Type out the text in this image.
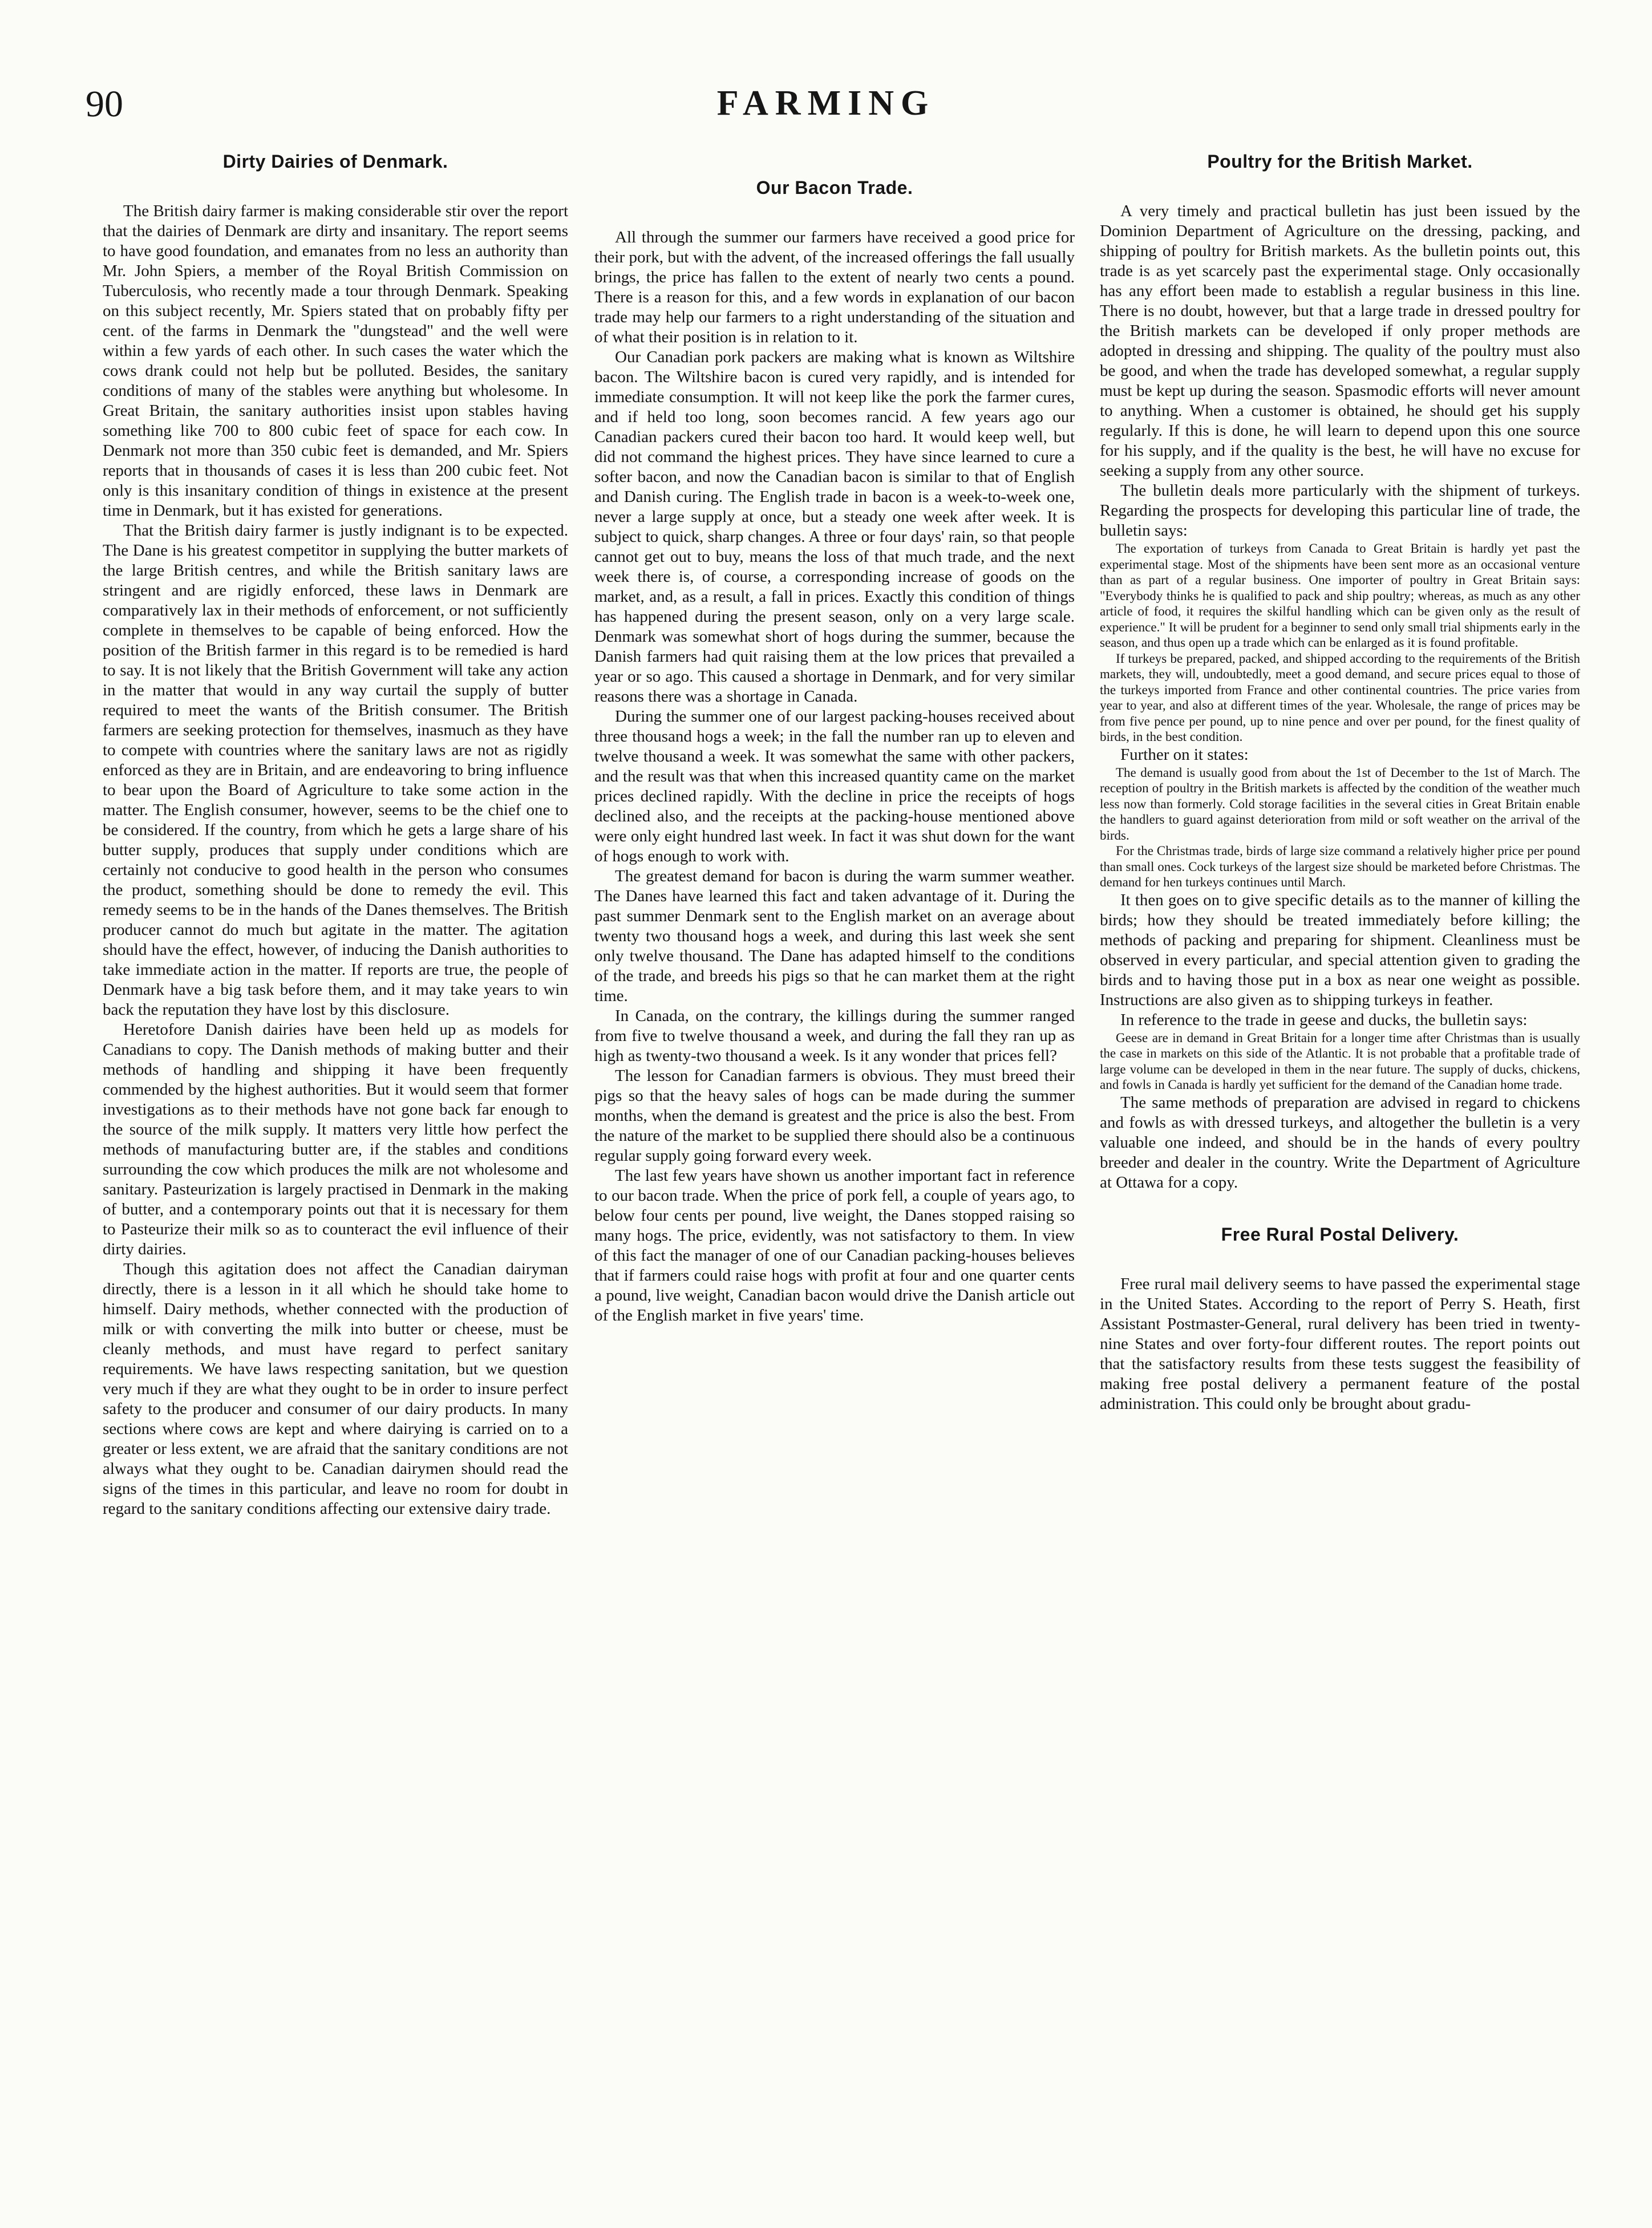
90	FARMING
Dirty Dairies of Denmark.

The British dairy farmer is making considerable stir over the report that the dairies of Denmark are dirty and insanitary. The report seems to have good foundation, and emanates from no less an authority than Mr. John Spiers, a member of the Royal British Commission on Tuberculosis, who recently made a tour through Denmark. Speaking on this subject recently, Mr. Spiers stated that on probably fifty per cent. of the farms in Denmark the "dungstead" and the well were within a few yards of each other. In such cases the water which the cows drank could not help but be polluted. Besides, the sanitary conditions of many of the stables were anything but wholesome. In Great Britain, the sanitary authorities insist upon stables having something like 700 to 800 cubic feet of space for each cow. In Denmark not more than 350 cubic feet is demanded, and Mr. Spiers reports that in thousands of cases it is less than 200 cubic feet. Not only is this insanitary condition of things in existence at the present time in Denmark, but it has existed for generations.

That the British dairy farmer is justly indignant is to be expected. The Dane is his greatest competitor in supplying the butter markets of the large British centres, and while the British sanitary laws are stringent and are rigidly enforced, these laws in Denmark are comparatively lax in their methods of enforcement, or not sufficiently complete in themselves to be capable of being enforced. How the position of the British farmer in this regard is to be remedied is hard to say. It is not likely that the British Government will take any action in the matter that would in any way curtail the supply of butter required to meet the wants of the British consumer. The British farmers are seeking protection for themselves, inasmuch as they have to compete with countries where the sanitary laws are not as rigidly enforced as they are in Britain, and are endeavoring to bring influence to bear upon the Board of Agriculture to take some action in the matter. The English consumer, however, seems to be the chief one to be considered. If the country, from which he gets a large share of his butter supply, produces that supply under conditions which are certainly not conducive to good health in the person who consumes the product, something should be done to remedy the evil. This remedy seems to be in the hands of the Danes themselves. The British producer cannot do much but agitate in the matter. The agitation should have the effect, however, of inducing the Danish authorities to take immediate action in the matter. If reports are true, the people of Denmark have a big task before them, and it may take years to win back the reputation they have lost by this disclosure.

Heretofore Danish dairies have been held up as models for Canadians to copy. The Danish methods of making butter and their methods of handling and shipping it have been frequently commended by the highest authorities. But it would seem that former investigations as to their methods have not gone back far enough to the source of the milk supply. It matters very little how perfect the methods of manufacturing butter are, if the stables and conditions surrounding the cow which produces the milk are not wholesome and sanitary. Pasteurization is largely practised in Denmark in the making of butter, and a contemporary points out that it is necessary for them to Pasteurize their milk so as to counteract the evil influence of their dirty dairies.

Though this agitation does not affect the Canadian dairyman directly, there is a lesson in it all which he should take home to himself. Dairy methods, whether connected with the production of milk or with converting the milk into butter or cheese, must be cleanly methods, and must have regard to perfect sanitary requirements. We have laws respecting sanitation, but we question very much if they are what they ought to be in order to insure perfect safety to the producer and consumer of our dairy products. In many sections where cows are kept and where dairying is carried on to a greater or less extent, we are afraid that the sanitary conditions are not always what they ought to be. Canadian dairymen should read the signs of the times in this particular, and leave no room for doubt in regard to the sanitary conditions affecting our extensive dairy trade.

Our Bacon Trade.

All through the summer our farmers have received a good price for their pork, but with the advent, of the increased offerings the fall usually brings, the price has fallen to the extent of nearly two cents a pound. There is a reason for this, and a few words in explanation of our bacon trade may help our farmers to a right understanding of the situation and of what their position is in relation to it.

Our Canadian pork packers are making what is known as Wiltshire bacon. The Wiltshire bacon is cured very rapidly, and is intended for immediate consumption. It will not keep like the pork the farmer cures, and if held too long, soon becomes rancid. A few years ago our Canadian packers cured their bacon too hard. It would keep well, but did not command the highest prices. They have since learned to cure a softer bacon, and now the Canadian bacon is similar to that of English and Danish curing. The English trade in bacon is a week-to-week one, never a large supply at once, but a steady one week after week. It is subject to quick, sharp changes. A three or four days' rain, so that people cannot get out to buy, means the loss of that much trade, and the next week there is, of course, a corresponding increase of goods on the market, and, as a result, a fall in prices. Exactly this condition of things has happened during the present season, only on a very large scale. Denmark was somewhat short of hogs during the summer, because the Danish farmers had quit raising them at the low prices that prevailed a year or so ago. This caused a shortage in Denmark, and for very similar reasons there was a shortage in Canada.

During the summer one of our largest packing-houses received about three thousand hogs a week; in the fall the number ran up to eleven and twelve thousand a week. It was somewhat the same with other packers, and the result was that when this increased quantity came on the market prices declined rapidly. With the decline in price the receipts of hogs declined also, and the receipts at the packing-house mentioned above were only eight hundred last week. In fact it was shut down for the want of hogs enough to work with.

The greatest demand for bacon is during the warm summer weather. The Danes have learned this fact and taken advantage of it. During the past summer Denmark sent to the English market on an average about twenty two thousand hogs a week, and during this last week she sent only twelve thousand. The Dane has adapted himself to the conditions of the trade, and breeds his pigs so that he can market them at the right time.

In Canada, on the contrary, the killings during the summer ranged from five to twelve thousand a week, and during the fall they ran up as high as twenty-two thousand a week. Is it any wonder that prices fell?

The lesson for Canadian farmers is obvious. They must breed their pigs so that the heavy sales of hogs can be made during the summer months, when the demand is greatest and the price is also the best. From the nature of the market to be supplied there should also be a continuous regular supply going forward every week.

The last few years have shown us another important fact in reference to our bacon trade. When the price of pork fell, a couple of years ago, to below four cents per pound, live weight, the Danes stopped raising so many hogs. The price, evidently, was not satisfactory to them. In view of this fact the manager of one of our Canadian packing-houses believes that if farmers could raise hogs with profit at four and one quarter cents a pound, live weight, Canadian bacon would drive the Danish article out of the English market in five years' time.

Poultry for the British Market.

A very timely and practical bulletin has just been issued by the Dominion Department of Agriculture on the dressing, packing, and shipping of poultry for British markets. As the bulletin points out, this trade is as yet scarcely past the experimental stage. Only occasionally has any effort been made to establish a regular business in this line. There is no doubt, however, but that a large trade in dressed poultry for the British markets can be developed if only proper methods are adopted in dressing and shipping. The quality of the poultry must also be good, and when the trade has developed somewhat, a regular supply must be kept up during the season. Spasmodic efforts will never amount to anything. When a customer is obtained, he should get his supply regularly. If this is done, he will learn to depend upon this one source for his supply, and if the quality is the best, he will have no excuse for seeking a supply from any other source.

The bulletin deals more particularly with the shipment of turkeys. Regarding the prospects for developing this particular line of trade, the bulletin says:

The exportation of turkeys from Canada to Great Britain is hardly yet past the experimental stage. Most of the shipments have been sent more as an occasional venture than as part of a regular business. One importer of poultry in Great Britain says: "Everybody thinks he is qualified to pack and ship poultry; whereas, as much as any other article of food, it requires the skilful handling which can be given only as the result of experience." It will be prudent for a beginner to send only small trial shipments early in the season, and thus open up a trade which can be enlarged as it is found profitable.

If turkeys be prepared, packed, and shipped according to the requirements of the British markets, they will, undoubtedly, meet a good demand, and secure prices equal to those of the turkeys imported from France and other continental countries. The price varies from year to year, and also at different times of the year. Wholesale, the range of prices may be from five pence per pound, up to nine pence and over per pound, for the finest quality of birds, in the best condition.

Further on it states:

The demand is usually good from about the 1st of December to the 1st of March. The reception of poultry in the British markets is affected by the condition of the weather much less now than formerly. Cold storage facilities in the several cities in Great Britain enable the handlers to guard against deterioration from mild or soft weather on the arrival of the birds.

For the Christmas trade, birds of large size command a relatively higher price per pound than small ones. Cock turkeys of the largest size should be marketed before Christmas. The demand for hen turkeys continues until March.

It then goes on to give specific details as to the manner of killing the birds; how they should be treated immediately before killing; the methods of packing and preparing for shipment. Cleanliness must be observed in every particular, and special attention given to grading the birds and to having those put in a box as near one weight as possible. Instructions are also given as to shipping turkeys in feather.

In reference to the trade in geese and ducks, the bulletin says:

Geese are in demand in Great Britain for a longer time after Christmas than is usually the case in markets on this side of the Atlantic. It is not probable that a profitable trade of large volume can be developed in them in the near future. The supply of ducks, chickens, and fowls in Canada is hardly yet sufficient for the demand of the Canadian home trade.

The same methods of preparation are advised in regard to chickens and fowls as with dressed turkeys, and altogether the bulletin is a very valuable one indeed, and should be in the hands of every poultry breeder and dealer in the country. Write the Department of Agriculture at Ottawa for a copy.

Free Rural Postal Delivery.

Free rural mail delivery seems to have passed the experimental stage in the United States. According to the report of Perry S. Heath, first Assistant Postmaster-General, rural delivery has been tried in twenty-nine States and over forty-four different routes. The report points out that the satisfactory results from these tests suggest the feasibility of making free postal delivery a permanent feature of the postal administration. This could only be brought about gradu-
